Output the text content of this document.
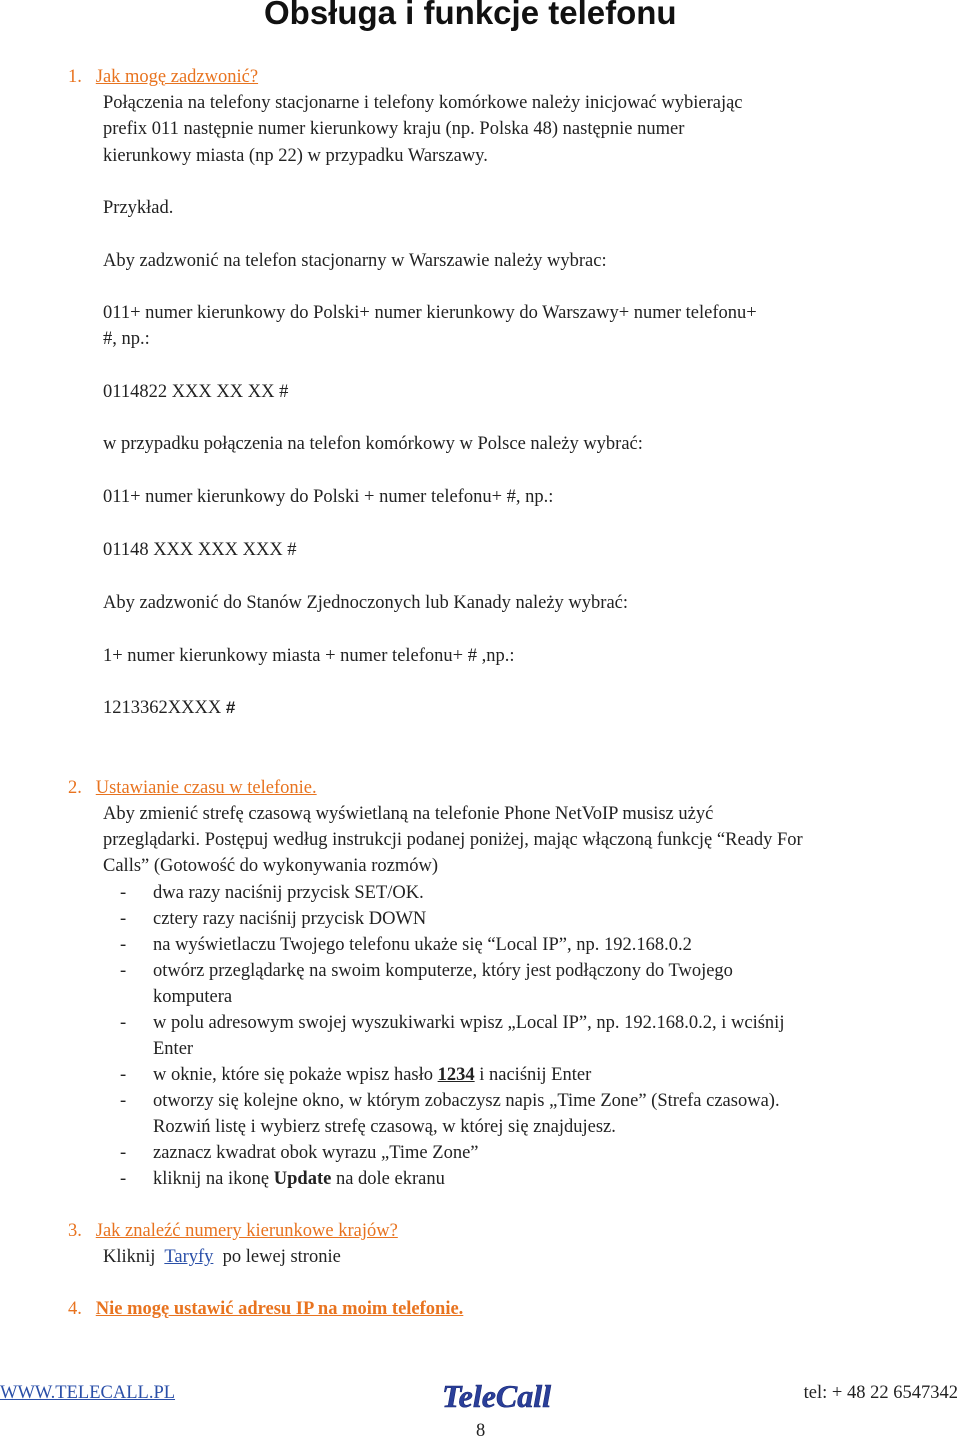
Obsługa i funkcje telefonu
1. Jak mogę zadzwonić?
Połączenia na telefony stacjonarne i telefony komórkowe należy inicjować wybierając
prefix 011 następnie numer kierunkowy kraju (np. Polska 48) następnie numer
kierunkowy miasta (np 22) w przypadku Warszawy.
Przykład.
Aby zadzwonić na telefon stacjonarny w Warszawie należy wybrac:
011+ numer kierunkowy do Polski+ numer kierunkowy do Warszawy+ numer telefonu+
#, np.:
0114822 XXX XX XX #
w przypadku połączenia na telefon komórkowy w Polsce należy wybrać:
011+ numer kierunkowy do Polski + numer telefonu+ #, np.:
01148 XXX XXX XXX #
Aby zadzwonić do Stanów Zjednoczonych lub Kanady należy wybrać:
1+ numer kierunkowy miasta + numer telefonu+ # ,np.:
1213362XXXX #
2. Ustawianie czasu w telefonie.
Aby zmienić strefę czasową wyświetlaną na telefonie Phone NetVoIP musisz użyć
przeglądarki. Postępuj według instrukcji podanej poniżej, mając włączoną funkcję “Ready For
Calls” (Gotowość do wykonywania rozmów)
- dwa razy naciśnij przycisk SET/OK.
- cztery razy naciśnij przycisk DOWN
- na wyświetlaczu Twojego telefonu ukaże się “Local IP”, np. 192.168.0.2
- otwórz przeglądarkę na swoim komputerze, który jest podłączony do Twojego
komputera
- w polu adresowym swojej wyszukiwarki wpisz „Local IP”, np. 192.168.0.2, i wciśnij
Enter
- w oknie, które się pokaże wpisz hasło 1234 i naciśnij Enter
- otworzy się kolejne okno, w którym zobaczysz napis „Time Zone” (Strefa czasowa).
Rozwiń listę i wybierz strefę czasową, w której się znajdujesz.
- zaznacz kwadrat obok wyrazu „Time Zone”
- kliknij na ikonę Update na dole ekranu
3. Jak znaleźć numery kierunkowe krajów?
Kliknij Taryfy po lewej stronie
4. Nie mogę ustawić adresu IP na moim telefonie.
WWW.TELECALL.PL	TeleCall	tel: + 48 22 6547342
8
